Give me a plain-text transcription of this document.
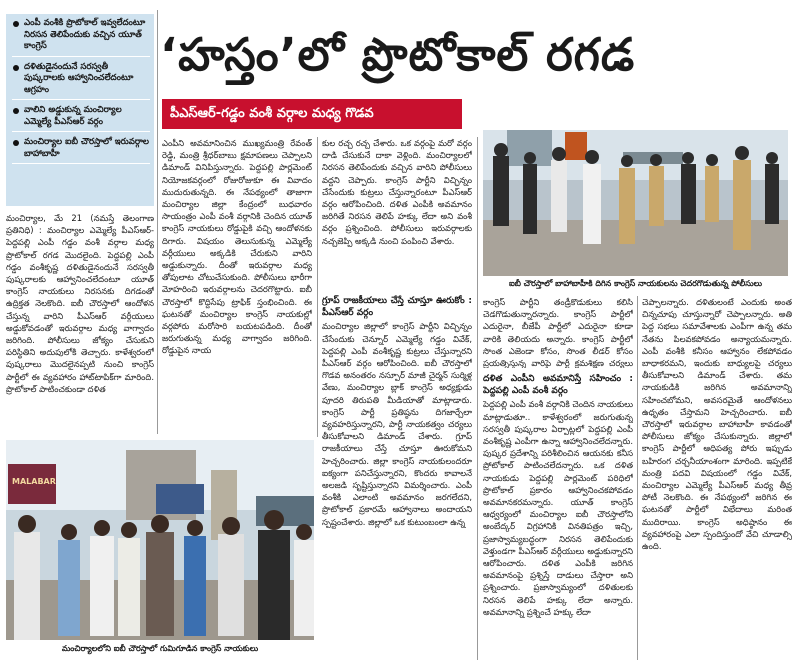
ఎంపీ వంశీకి ప్రొటోకాల్ ఇవ్వలేదంటూ నిరసన తెలిపేందుకు వచ్చిన యూత్ కాంగ్రెస్
దళితుడైనందునే సరస్వతీ పుష్కరాలకు ఆహ్వానించలేదంటూ ఆగ్రహం
వాలిని అడ్డుకున్న మంచిర్యాల ఎమ్మెల్యే పీఎస్‌ఆర్ వర్గం
మంచిర్యాల ఐబీ చౌరస్తాలో ఇరువర్గాల బాహాబాహీ
‘హస్తం’లో ప్రొటోకాల్ రగడ
పీఎస్‌ఆర్-గడ్డం వంశీ వర్గాల మధ్య గొడవ
ఐబీ చౌరస్తాలో బాహాబాహీకి దిగిన కాంగ్రెస్ నాయకులను చెదరగొడుతున్న పోలీసులు

మంచిర్యాల, మే 21 (నమస్తే తెలంగాణ ప్రతినిధి) : మంచిర్యాల ఎమ్మెల్యే పీఎస్‌ఆర్-పెద్దపల్లి ఎంపీ గడ్డం వంశీ వర్గాల మధ్య ప్రొటోకాల్ రగడ మొదలైంది. పెద్దపల్లి ఎంపీ గడ్డం వంశీకృష్ణ దళితుడైనందునే సరస్వతీ పుష్కరాలకు ఆహ్వానించలేదంటూ యూత్ కాంగ్రెస్ నాయకులు నిరసనకు దిగడంతో ఉద్రిక్తత నెలకొంది. ఐబీ చౌరస్తాలో ఆందోళన చేస్తున్న వారిని పీఎస్‌ఆర్ వర్గీయులు అడ్డుకోవడంతో ఇరువర్గాల మధ్య వాగ్వాదం జరిగింది. పోలీసులు జోక్యం చేసుకుని పరిస్థితిని అదుపులోకి తెచ్చారు. కాళేశ్వరంలో పుష్కరాలు మొదలైనప్పటి నుంచి కాంగ్రెస్ పార్టీలో ఈ వ్యవహారం హాట్‌టాపిక్‌గా మారింది. ప్రొటోకాల్ పాటించకుండా దళిత

ఎంపీని అవమానించిన ముఖ్యమంత్రి రేవంత్ రెడ్డి, మంత్రి శ్రీధర్‌బాబు క్షమాపణలు చెప్పాలని డిమాండ్ వినిపిస్తున్నారు. పెద్దపల్లి పార్లమెంట్ నియోజకవర్గంలో రోజురోజుకూ ఈ వివాదం ముదురుతున్నది. ఈ నేపథ్యంలో తాజాగా మంచిర్యాల జిల్లా కేంద్రంలో బుధవారం సాయంత్రం ఎంపీ వంశీ వర్గానికి చెందిన యూత్ కాంగ్రెస్ నాయకులు రోడ్డుపైకి వచ్చి ఆందోళనకు దిగారు. విషయం తెలుసుకున్న ఎమ్మెల్యే వర్గీయులు అక్కడికి చేరుకుని వారిని అడ్డుకున్నారు. దీంతో ఇరువర్గాల మధ్య తోపులాట చోటుచేసుకుంది. పోలీసులు భారీగా మోహరించి ఇరువర్గాలను చెదరగొట్టారు. ఐబీ చౌరస్తాలో కొద్దిసేపు ట్రాఫిక్ స్తంభించింది. ఈ ఘటనతో మంచిర్యాల కాంగ్రెస్ నాయకుల్లో వర్గపోరు మరోసారి బయటపడింది. దీంతో జరుగుతున్న మధ్య వాగ్వాదం జరిగింది. రోడ్డుపైన నాయ

కుల రచ్చ రచ్చ చేశారు. ఒక వర్గంపై మరో వర్గం దాడి చేసుకునే దాకా వెళ్లింది. మంచిర్యాలలో నిరసన తెలిపేందుకు వచ్చిన వారిని పోలీసులు వద్దని చెప్పారు. కాంగ్రెస్ పార్టీని విచ్ఛిన్నం చేసేందుకు కుట్రలు చేస్తున్నారంటూ పీఎస్‌ఆర్ వర్గం ఆరోపించింది. దళిత ఎంపీకి అవమానం జరిగితే నిరసన తెలిపే హక్కు లేదా అని వంశీ వర్గం ప్రశ్నించింది. పోలీసులు ఇరువర్గాలకు నచ్చజెప్పి అక్కడి నుంచి పంపించి వేశారు.

గ్రూప్ రాజకీయాలు చేస్తే చూస్తూ ఊరుకోం : పీఎస్‌ఆర్ వర్గం

మంచిర్యాల జిల్లాలో కాంగ్రెస్ పార్టీని విచ్ఛిన్నం చేసేందుకు చెన్నూర్ ఎమ్మెల్యే గడ్డం వివేక్, పెద్దపల్లి ఎంపీ వంశీకృష్ణ కుట్రలు చేస్తున్నారని పీఎస్‌ఆర్ వర్గం ఆరోపించింది. ఐబీ చౌరస్తాలో గొడవ అనంతరం నస్పూర్ మాజీ చైర్మన్ సుర్మిళ్ల వేణు, మంచిర్యాల బ్లాక్ కాంగ్రెస్ అధ్యక్షుడు పూదరి తిరుపతి మీడియాతో మాట్లాడారు. కాంగ్రెస్ పార్టీ ప్రతిష్ఠను దిగజార్చేలా వ్యవహరిస్తున్నారని, పార్టీ నాయకత్వం చర్యలు తీసుకోవాలని డిమాండ్ చేశారు. గ్రూప్ రాజకీయాలు చేస్తే చూస్తూ ఊరుకోమని హెచ్చరించారు. జిల్లా కాంగ్రెస్ నాయకులందరూ ఐక్యంగా పనిచేస్తున్నారని, కొందరు కావాలనే అలజడి సృష్టిస్తున్నారని విమర్శించారు. ఎంపీ వంశీకి ఎలాంటి అవమానం జరగలేదని, ప్రొటోకాల్ ప్రకారమే ఆహ్వానాలు అందాయని స్పష్టంచేశారు. జిల్లాలో ఒక కుటుంబంలా ఉన్న

కాంగ్రెస్ పార్టీని తండ్రీకొడుకులు కలిసి చెడగొడుతున్నారన్నారు. కాంగ్రెస్ పార్టీలో ఎదురైనా, బీజేపీ పార్టీలో ఎదురైనా కూడా వారికి తెలియదు అన్నారు. కాంగ్రెస్ పార్టీలో సొంత ఎజెండా కోసం, సొంత లీడర్ కోసం ప్రయత్నిస్తున్న వారిపై పార్టీ క్రమశిక్షణ చర్యలు

దళిత ఎంపీని అవమానిస్తే సహించం : పెద్దపల్లి ఎంపీ వంశీ వర్గం

పెద్దపల్లి ఎంపీ వంశీ వర్గానికి చెందిన నాయకులు మాట్లాడుతూ.. కాళేశ్వరంలో జరుగుతున్న సరస్వతీ పుష్కరాల ఏర్పాట్లలో పెద్దపల్లి ఎంపీ వంశీకృష్ణ ఎంపీగా ఉన్నా ఆహ్వానించలేదన్నారు. పుష్కర ప్రదేశాన్ని పరిశీలించిన ఆయనకు కనీస ప్రోటోకాల్ పాటించలేదన్నారు. ఒక దళిత నాయకుడు పెద్దపల్లి పార్లమెంట్ పరిధిలో ప్రొటోకాల్ ప్రకారం ఆహ్వానించకపోవడం అవమానకరమన్నారు. యూత్ కాంగ్రెస్ ఆధ్వర్యంలో మంచిర్యాల ఐబీ చౌరస్తాలోని అంబేద్కర్ విగ్రహానికి వినతిపత్రం ఇచ్చి, ప్రజాస్వామ్యబద్ధంగా నిరసన తెలిపేందుకు వెళ్తుండగా పీఎస్‌ఆర్ వర్గీయులు అడ్డుకున్నారని ఆరోపించారు. దళిత ఎంపీకి జరిగిన అవమానంపై ప్రశ్నిస్తే దాడులు చేస్తారా అని ప్రశ్నించారు. ప్రజాస్వామ్యంలో దళితులకు నిరసన తెలిపే హక్కు లేదా అన్నారు. అవమానాన్ని ప్రశ్నించే హక్కు లేదా

చెప్పాలన్నారు. దళితులంటే ఎందుకు అంత చిన్నచూపు చూస్తున్నారో చెప్పాలన్నారు. అతి పెద్ద సభలు సమావేశాలకు ఎంపీగా ఉన్న తమ నేతను పిలవకపోవడం అన్యాయమన్నారు. ఎంపీ వంశీకి కనీసం ఆహ్వానం లేకపోవడం బాధాకరమని, ఇందుకు బాధ్యులపై చర్యలు తీసుకోవాలని డిమాండ్ చేశారు. తమ నాయకుడికి జరిగిన అవమానాన్ని సహించబోమని, అవసరమైతే ఆందోళనలు ఉధృతం చేస్తామని హెచ్చరించారు. ఐబీ చౌరస్తాలో ఇరువర్గాల బాహాబాహీ కావడంతో పోలీసులు జోక్యం చేసుకున్నారు. జిల్లాలో కాంగ్రెస్ పార్టీలో ఆధిపత్య పోరు ఇప్పుడు బహిరంగ చర్చనీయాంశంగా మారింది. ఇప్పటికే మంత్రి పదవి విషయంలో గడ్డం వివేక్, మంచిర్యాల ఎమ్మెల్యే పీఎస్‌ఆర్ మధ్య తీవ్ర పోటీ నెలకొంది. ఈ నేపథ్యంలో జరిగిన ఈ ఘటనతో పార్టీలో విభేదాలు మరింత ముదిరాయి. కాంగ్రెస్ అధిష్ఠానం ఈ వ్యవహారంపై ఎలా స్పందిస్తుందో వేచి చూడాల్సి ఉంది.

MALABAR
మంచిర్యాలలోని ఐబీ చౌరస్తాలో గుమిగూడిన కాంగ్రెస్ నాయకులు
